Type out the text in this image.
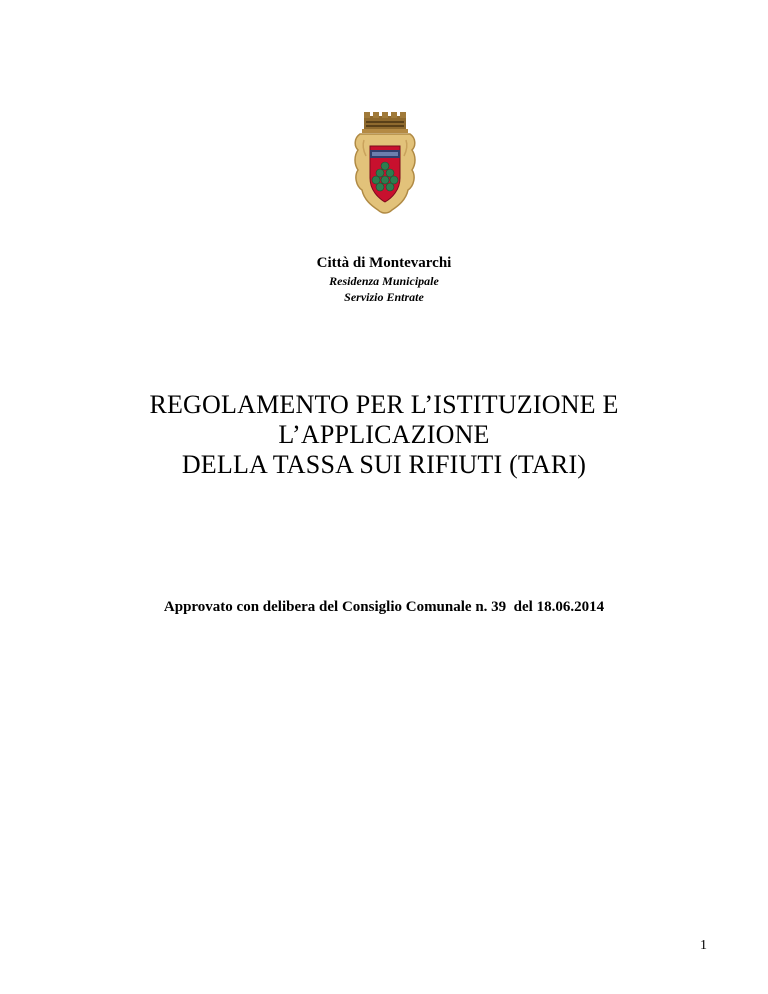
Città di Montevarchi
Residenza Municipale
Servizio Entrate
REGOLAMENTO PER L’ISTITUZIONE E
L’APPLICAZIONE
DELLA TASSA SUI RIFIUTI (TARI)
Approvato con delibera del Consiglio Comunale n. 39  del 18.06.2014
1
